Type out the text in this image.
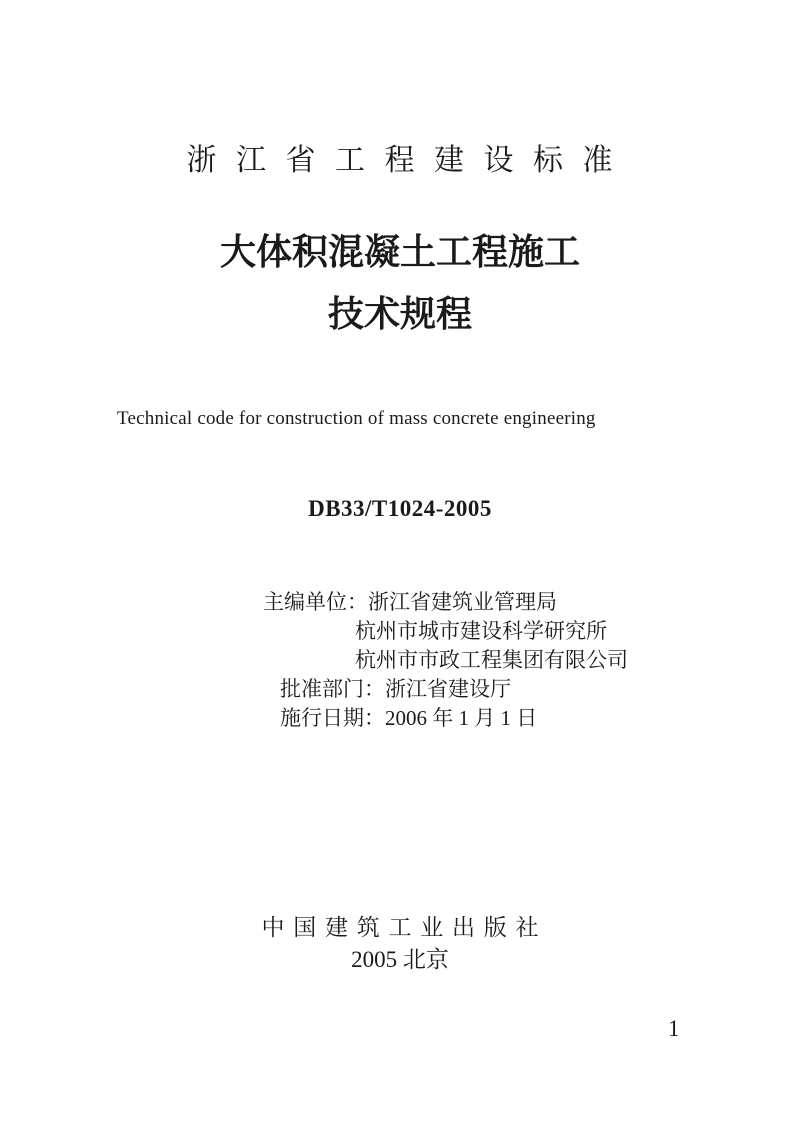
浙 江 省 工 程 建 设 标 准
大体积混凝土工程施工
技术规程
Technical code for construction of mass concrete engineering
DB33/T1024-2005
主编单位：浙江省建筑业管理局
杭州市城市建设科学研究所
杭州市市政工程集团有限公司
批准部门：浙江省建设厅
施行日期：2006 年 1 月 1 日
中 国 建 筑 工 业 出 版 社
2005 北京
1
